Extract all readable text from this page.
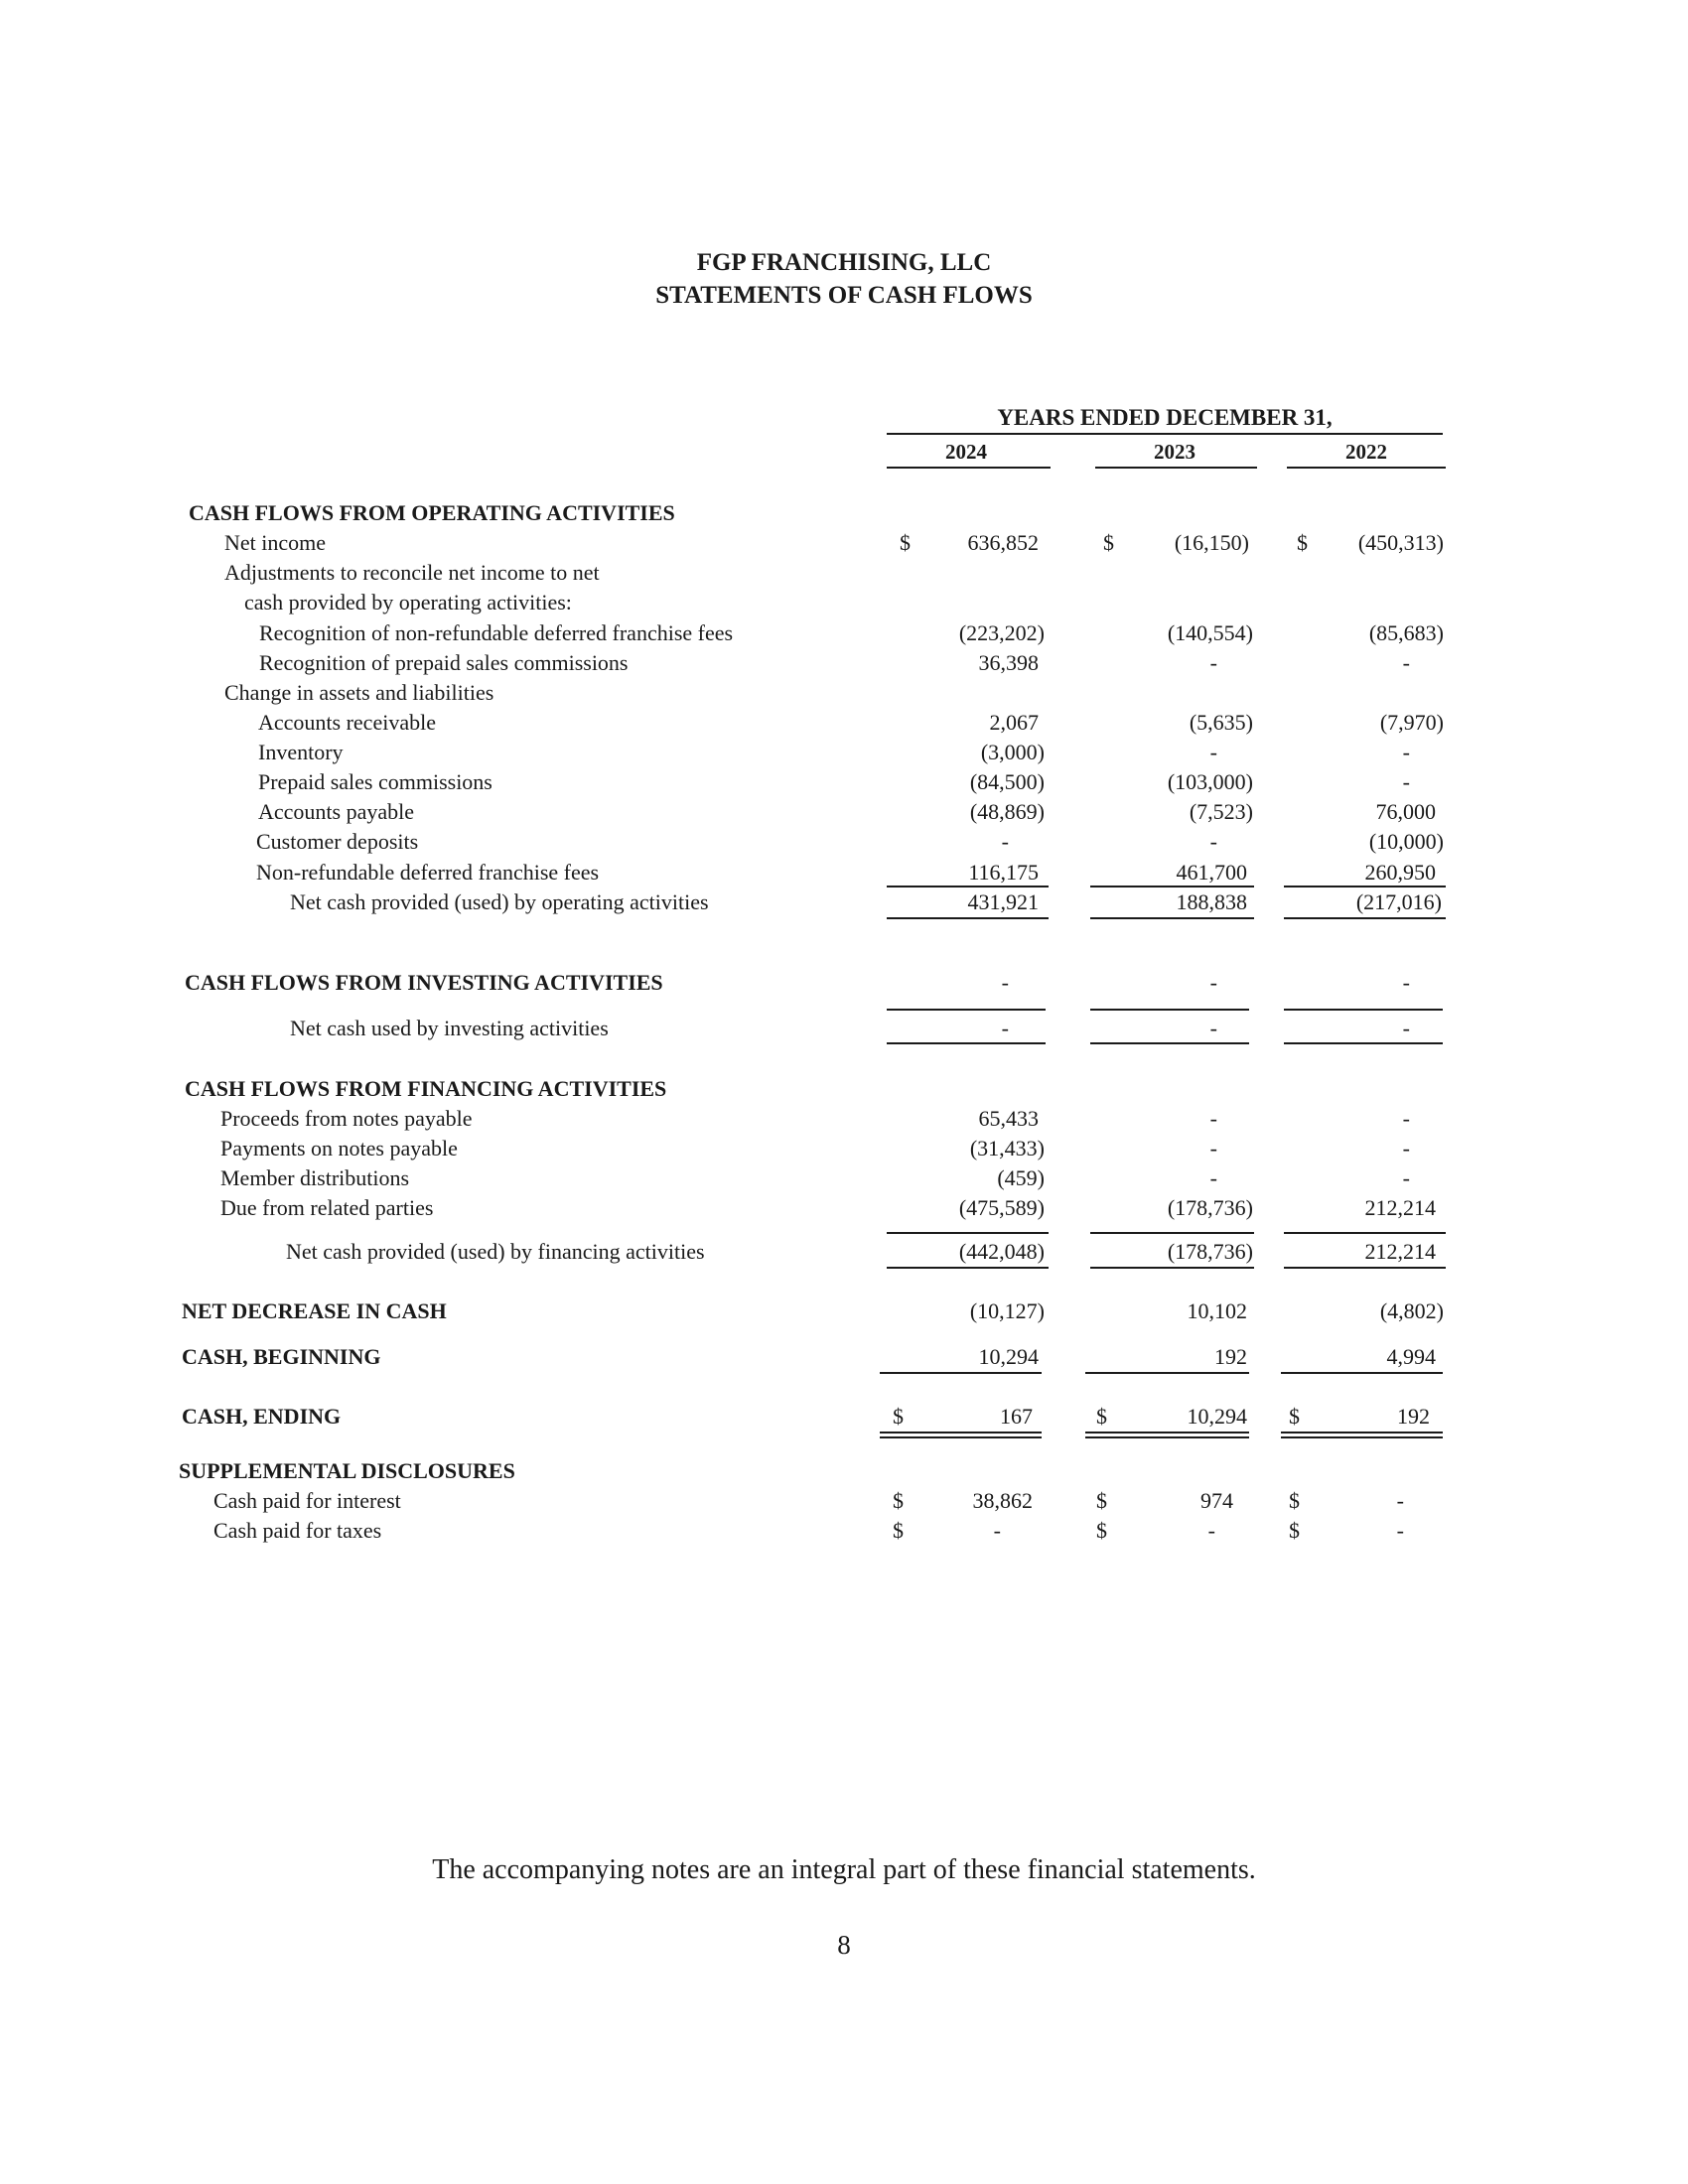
FGP FRANCHISING, LLC
STATEMENTS OF CASH FLOWS
YEARS ENDED DECEMBER 31,
2024	2023	2022
CASH FLOWS FROM OPERATING ACTIVITIES
Net income	$	636,852	$	(16,150) $	(450,313)
Adjustments to reconcile net income to net
cash provided by operating activities:
Recognition of non-refundable deferred franchise fees	(223,202)	(140,554)	(85,683)
Recognition of prepaid sales commissions	36,398	-	-
Change in assets and liabilities
Accounts receivable	2,067	(5,635)	(7,970)
Inventory	(3,000)	-	-
Prepaid sales commissions	(84,500)	(103,000)	-
Accounts payable	(48,869)	(7,523)	76,000
Customer deposits	-	-	(10,000)
Non-refundable deferred franchise fees	116,175	461,700	260,950
Net cash provided (used) by operating activities	431,921	188,838	(217,016)
CASH FLOWS FROM INVESTING ACTIVITIES	-	-	-
Net cash used by investing activities	-	-	-
CASH FLOWS FROM FINANCING ACTIVITIES
Proceeds from notes payable	65,433	-	-
Payments on notes payable	(31,433)	-	-
Member distributions	(459)	-	-
Due from related parties	(475,589)	(178,736)	212,214
Net cash provided (used) by financing activities	(442,048)	(178,736)	212,214
NET DECREASE IN CASH	(10,127)	10,102	(4,802)
CASH, BEGINNING	10,294	192	4,994
CASH, ENDING	$	167	$	10,294 $	192
SUPPLEMENTAL DISCLOSURES
Cash paid for interest	$	38,862	$	974	$	-
Cash paid for taxes	$	-	$	-	$	-
The accompanying notes are an integral part of these financial statements.
8
